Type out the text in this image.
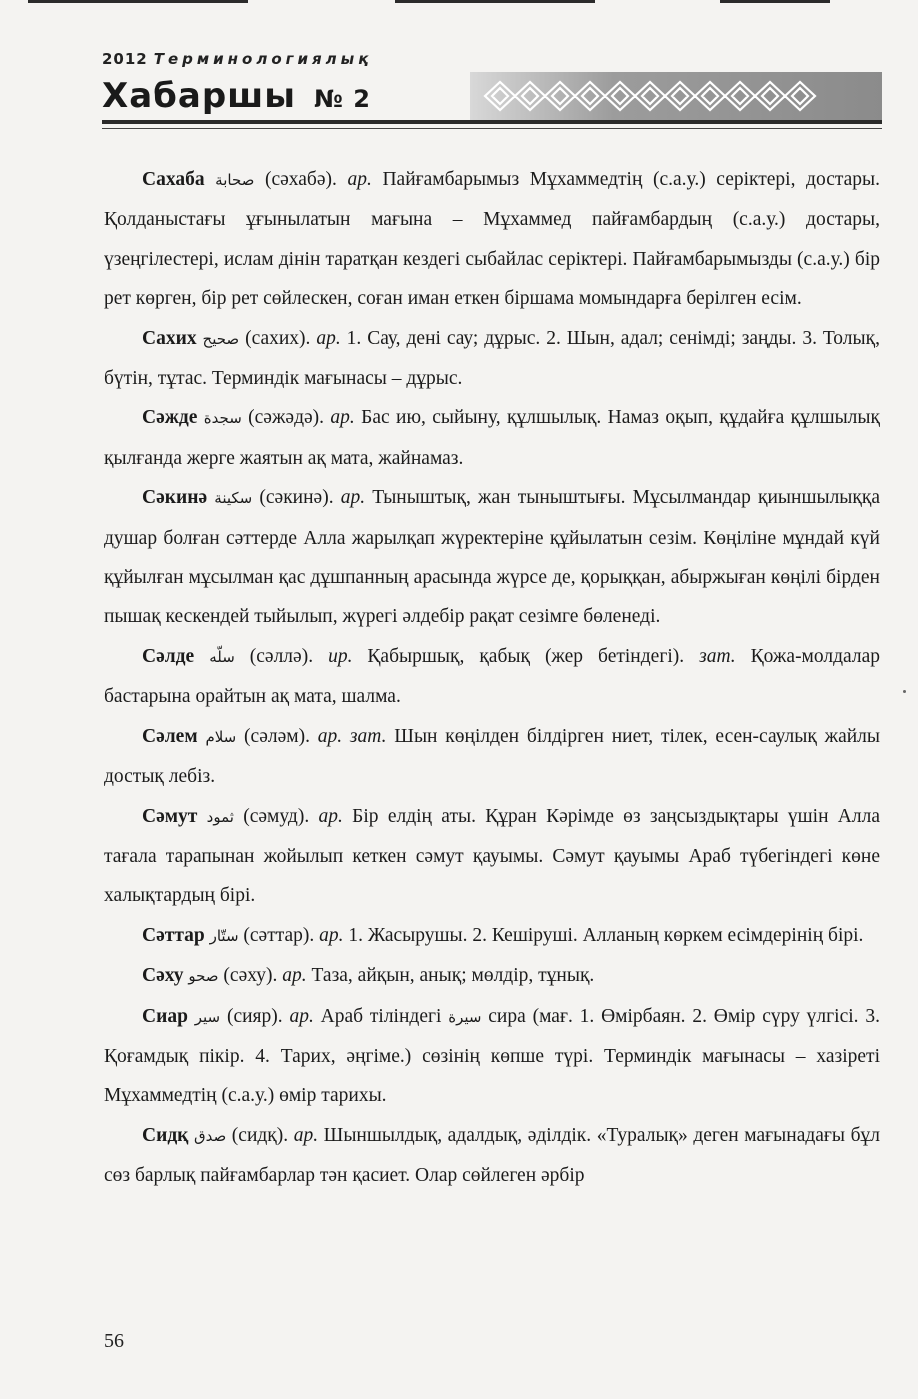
2012 Терминологиялық
Хабаршы № 2

Сахаба صحابة (сәхабә). ар. Пайғамбарымыз Мұхаммедтің (с.а.у.) серіктері, достары. Қолданыстағы ұғынылатын мағына – Мұхаммед пайғамбардың (с.а.у.) достары, үзеңгілестері, ислам дінін таратқан кездегі сыбайлас серіктері. Пайғамбарымызды (с.а.у.) бір рет көрген, бір рет сөйлескен, соған иман еткен біршама момындарға берілген есім.

Сахих صحيح (сахих). ар. 1. Сау, дені сау; дұрыс. 2. Шын, адал; сенімді; заңды. 3. Толық, бүтін, тұтас. Терминдік мағынасы – дұрыс.

Сәжде سجدة (сәжәдә). ар. Бас ию, сыйыну, құлшылық. Намаз оқып, құдайға құлшылық қылғанда жерге жаятын ақ мата, жайнамаз.

Сәкинә سكينة (сәкинә). ар. Тыныштық, жан тыныштығы. Мұсылмандар қиыншылыққа душар болған сәттерде Алла жарылқап жүректеріне құйылатын сезім. Көңіліне мұндай күй құйылған мұсылман қас дұшпанның арасында жүрсе де, қорыққан, абыржыған көңілі бірден пышақ кескендей тыйылып, жүрегі әлдебір рақат сезімге бөленеді.

Сәлде سلّه (сәллә). ир. Қабыршық, қабық (жер бетіндегі). зат. Қожа-молдалар бастарына орайтын ақ мата, шалма.

Сәлем سلام (сәләм). ар. зат. Шын көңілден білдірген ниет, тілек, есен-саулық жайлы достық лебіз.

Сәмут ثمود (сәмуд). ар. Бір елдің аты. Құран Кәрімде өз заңсыздықтары үшін Алла тағала тарапынан жойылып кеткен сәмут қауымы. Сәмут қауымы Араб түбегіндегі көне халықтардың бірі.

Сәттар ستّار (сәттар). ар. 1. Жасырушы. 2. Кешіруші. Алланың көркем есімдерінің бірі.

Сәху صحو (сәху). ар. Таза, айқын, анық; мөлдір, тұнық.

Сиар سير (сияр). ар. Араб тіліндегі سيرة сира (мағ. 1. Өмірбаян. 2. Өмір сүру үлгісі. 3. Қоғамдық пікір. 4. Тарих, әңгіме.) сөзінің көпше түрі. Терминдік мағынасы – хазіреті Мұхаммедтің (с.а.у.) өмір тарихы.

Сидқ صدق (сидқ). ар. Шыншылдық, адалдық, әділдік. «Туралық» деген мағынадағы бұл сөз барлық пайғамбарлар тән қасиет. Олар сөйлеген әрбір

56
